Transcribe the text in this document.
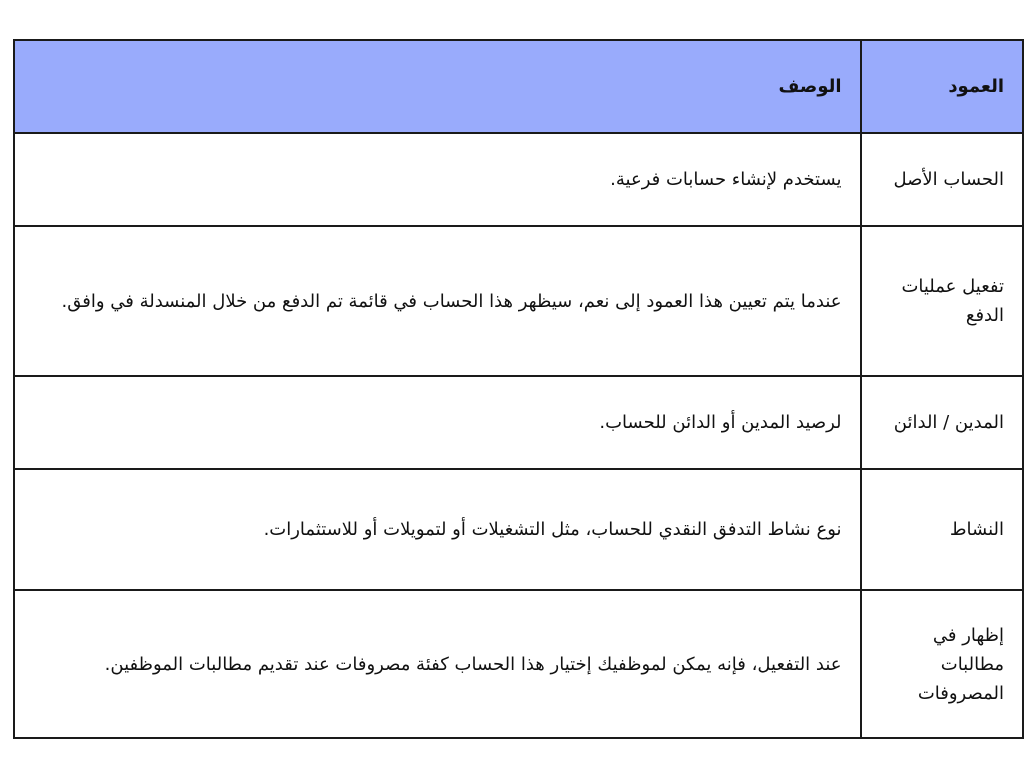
العمود	الوصف
الحساب الأصل	يستخدم لإنشاء حسابات فرعية.
تفعيل عمليات الدفع	عندما يتم تعيين هذا العمود إلى نعم، سيظهر هذا الحساب في قائمة تم الدفع من خلال المنسدلة في وافق.
المدين / الدائن	لرصيد المدين أو الدائن للحساب.
النشاط	نوع نشاط التدفق النقدي للحساب، مثل التشغيلات أو لتمويلات أو للاستثمارات.
إظهار في مطالبات المصروفات	عند التفعيل، فإنه يمكن لموظفيك إختيار هذا الحساب كفئة مصروفات عند تقديم مطالبات الموظفين.
